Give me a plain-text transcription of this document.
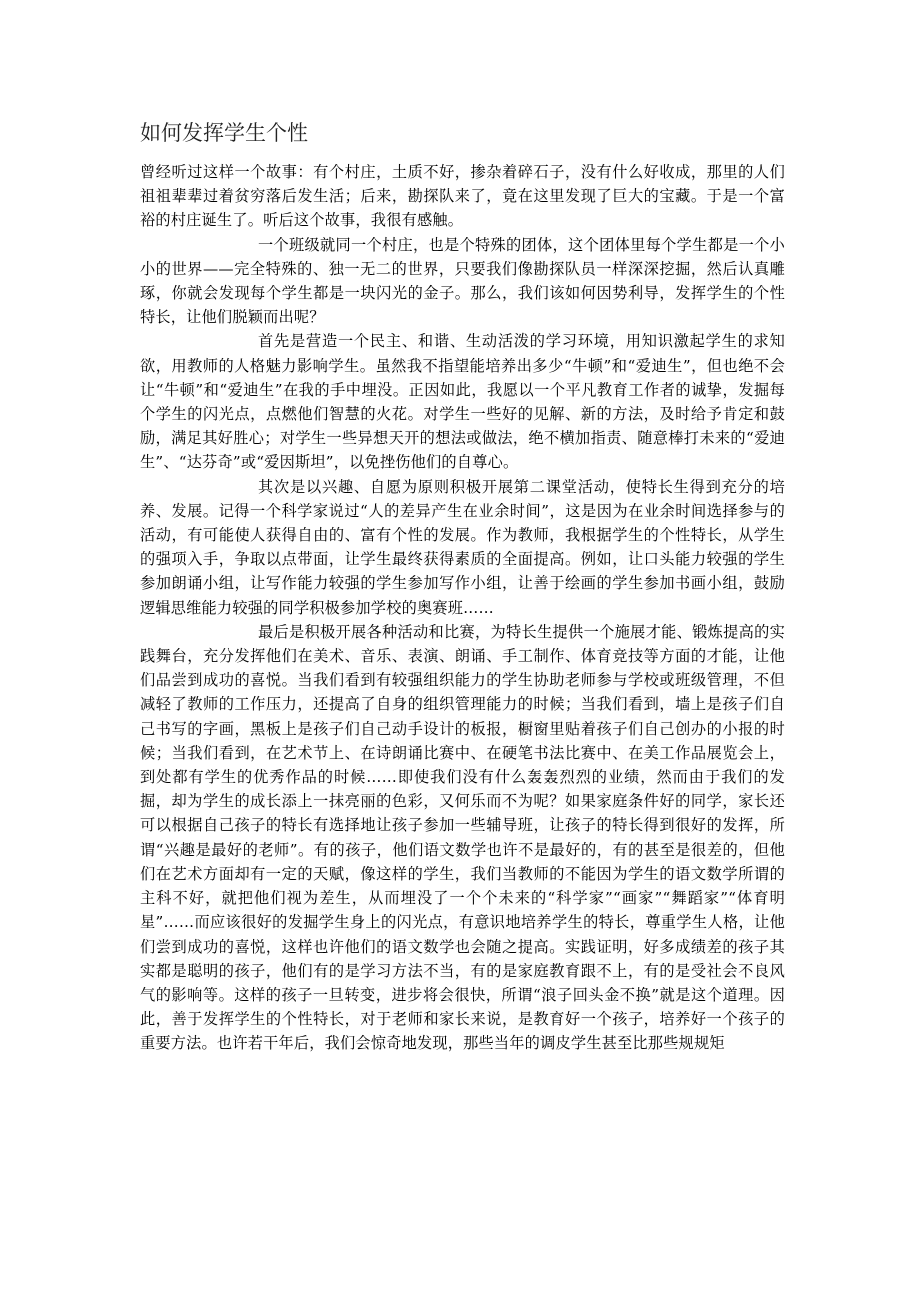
如何发挥学生个性

曾经听过这样一个故事：有个村庄，土质不好，掺杂着碎石子，没有什么好收成，那里的人们祖祖辈辈过着贫穷落后发生活；后来，勘探队来了，竟在这里发现了巨大的宝藏。于是一个富裕的村庄诞生了。听后这个故事，我很有感触。

一个班级就同一个村庄，也是个特殊的团体，这个团体里每个学生都是一个小小的世界——完全特殊的、独一无二的世界，只要我们像勘探队员一样深深挖掘，然后认真雕琢，你就会发现每个学生都是一块闪光的金子。那么，我们该如何因势利导，发挥学生的个性特长，让他们脱颖而出呢？

首先是营造一个民主、和谐、生动活泼的学习环境，用知识激起学生的求知欲，用教师的人格魅力影响学生。虽然我不指望能培养出多少“牛顿”和“爱迪生”，但也绝不会让“牛顿”和“爱迪生”在我的手中埋没。正因如此，我愿以一个平凡教育工作者的诚挚，发掘每个学生的闪光点，点燃他们智慧的火花。对学生一些好的见解、新的方法，及时给予肯定和鼓励，满足其好胜心；对学生一些异想天开的想法或做法，绝不横加指责、随意棒打未来的“爱迪生”、“达芬奇”或“爱因斯坦”，以免挫伤他们的自尊心。

其次是以兴趣、自愿为原则积极开展第二课堂活动，使特长生得到充分的培养、发展。记得一个科学家说过“人的差异产生在业余时间”，这是因为在业余时间选择参与的活动，有可能使人获得自由的、富有个性的发展。作为教师，我根据学生的个性特长，从学生的强项入手，争取以点带面，让学生最终获得素质的全面提高。例如，让口头能力较强的学生参加朗诵小组，让写作能力较强的学生参加写作小组，让善于绘画的学生参加书画小组，鼓励逻辑思维能力较强的同学积极参加学校的奥赛班……

最后是积极开展各种活动和比赛，为特长生提供一个施展才能、锻炼提高的实践舞台，充分发挥他们在美术、音乐、表演、朗诵、手工制作、体育竞技等方面的才能，让他们品尝到成功的喜悦。当我们看到有较强组织能力的学生协助老师参与学校或班级管理，不但减轻了教师的工作压力，还提高了自身的组织管理能力的时候；当我们看到，墙上是孩子们自己书写的字画，黑板上是孩子们自己动手设计的板报，橱窗里贴着孩子们自己创办的小报的时候；当我们看到，在艺术节上、在诗朗诵比赛中、在硬笔书法比赛中、在美工作品展览会上，到处都有学生的优秀作品的时候……即使我们没有什么轰轰烈烈的业绩，然而由于我们的发掘，却为学生的成长添上一抹亮丽的色彩，又何乐而不为呢？如果家庭条件好的同学，家长还可以根据自己孩子的特长有选择地让孩子参加一些辅导班，让孩子的特长得到很好的发挥，所谓“兴趣是最好的老师”。有的孩子，他们语文数学也许不是最好的，有的甚至是很差的，但他们在艺术方面却有一定的天赋，像这样的学生，我们当教师的不能因为学生的语文数学所谓的主科不好，就把他们视为差生，从而埋没了一个个未来的“科学家”“画家”“舞蹈家”“体育明星”……而应该很好的发掘学生身上的闪光点，有意识地培养学生的特长，尊重学生人格，让他们尝到成功的喜悦，这样也许他们的语文数学也会随之提高。实践证明，好多成绩差的孩子其实都是聪明的孩子，他们有的是学习方法不当，有的是家庭教育跟不上，有的是受社会不良风气的影响等。这样的孩子一旦转变，进步将会很快，所谓“浪子回头金不换”就是这个道理。因此，善于发挥学生的个性特长，对于老师和家长来说，是教育好一个孩子，培养好一个孩子的重要方法。也许若干年后，我们会惊奇地发现，那些当年的调皮学生甚至比那些规规矩
